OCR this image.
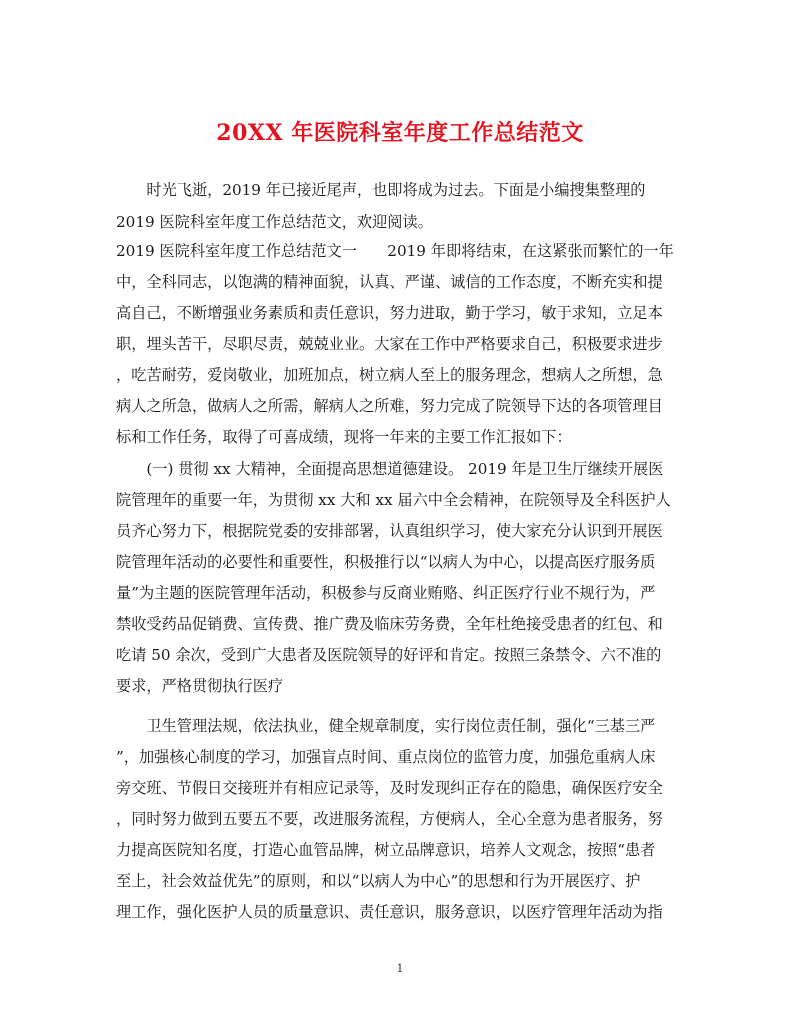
20XX 年医院科室年度工作总结范文
　　时光飞逝，2019 年已接近尾声，也即将成为过去。下面是小编搜集整理的
2019 医院科室年度工作总结范文，欢迎阅读。
2019 医院科室年度工作总结范文一　　2019 年即将结束，在这紧张而繁忙的一年
中，全科同志，以饱满的精神面貌，认真、严谨、诚信的工作态度，不断充实和提
高自己，不断增强业务素质和责任意识，努力进取，勤于学习，敏于求知，立足本
职，埋头苦干，尽职尽责，兢兢业业。大家在工作中严格要求自己，积极要求进步
，吃苦耐劳，爱岗敬业，加班加点，树立病人至上的服务理念，想病人之所想，急
病人之所急，做病人之所需，解病人之所难，努力完成了院领导下达的各项管理目
标和工作任务，取得了可喜成绩，现将一年来的主要工作汇报如下：
　　(一) 贯彻 xx 大精神，全面提高思想道德建设。 2019 年是卫生厅继续开展医
院管理年的重要一年，为贯彻 xx 大和 xx 届六中全会精神，在院领导及全科医护人
员齐心努力下，根据院党委的安排部署，认真组织学习，使大家充分认识到开展医
院管理年活动的必要性和重要性，积极推行以“以病人为中心，以提高医疗服务质
量”为主题的医院管理年活动，积极参与反商业贿赂、纠正医疗行业不规行为，严
禁收受药品促销费、宣传费、推广费及临床劳务费，全年杜绝接受患者的红包、和
吃请 50 余次，受到广大患者及医院领导的好评和肯定。按照三条禁令、六不准的
要求，严格贯彻执行医疗
　　卫生管理法规，依法执业，健全规章制度，实行岗位责任制，强化“三基三严
”，加强核心制度的学习，加强盲点时间、重点岗位的监管力度，加强危重病人床
旁交班、节假日交接班并有相应记录等，及时发现纠正存在的隐患，确保医疗安全
，同时努力做到五要五不要，改进服务流程，方便病人，全心全意为患者服务，努
力提高医院知名度，打造心血管品牌，树立品牌意识，培养人文观念，按照“患者
至上，社会效益优先”的原则，和以“以病人为中心”的思想和行为开展医疗、护
理工作，强化医护人员的质量意识、责任意识，服务意识，以医疗管理年活动为指
1
